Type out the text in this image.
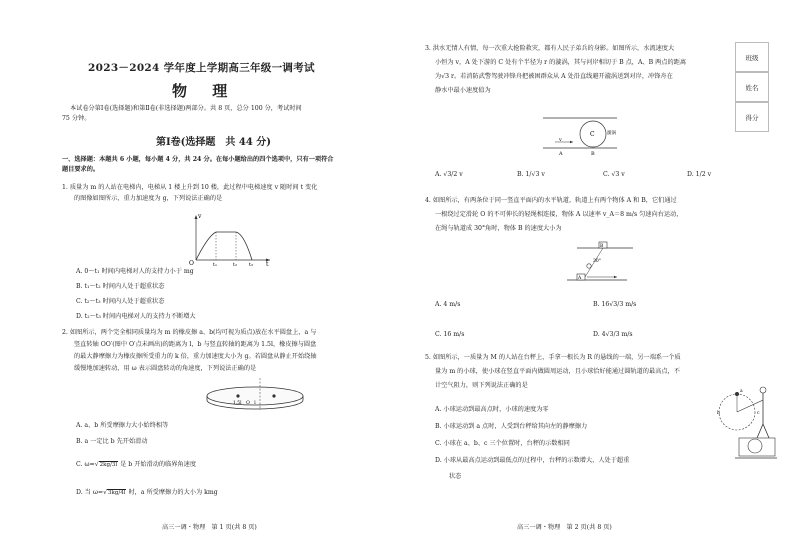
2023－2024 学年度上学期高三年级一调考试
物 理
本试卷分第Ⅰ卷(选择题)和第Ⅱ卷(非选择题)两部分。共 8 页，总分 100 分，考试时间
75 分钟。
第Ⅰ卷(选择题　共 44 分)
一、选择题：本题共 6 小题，每小题 4 分，共 24 分。在每小题给出的四个选项中，只有一项符合
题目要求的。
1. 质量为 m 的人站在电梯内，电梯从 1 楼上升到 10 楼，此过程中电梯速度 v 随时间 t 变化
的图像如图所示，重力加速度为 g，下列说法正确的是
v
O	t₁	t₂ t₃ t
A. 0～t₁ 时间内电梯对人的支持力小于 mg
B. t₁～t₂ 时间内人处于超重状态
C. t₂～t₃ 时间内人处于超重状态
D. t₂～t₃ 时间内电梯对人的支持力不断增大
2. 如图所示，两个完全相同质量均为 m 的橡皮擦 a、b(均可视为质点)放在水平圆盘上，a 与
竖直转轴 OO′(图中 O′点未画出)的距离为 l，b 与竖直转轴的距离为 1.5l，橡皮擦与圆盘
的最大静摩擦力为橡皮擦所受重力的 k 倍，重力加速度大小为 g。若圆盘从静止开始绕轴
缓慢地加速转动，用 ω 表示圆盘转动的角速度，下列说法正确的是
1.5l　O　l
A. a、b 所受摩擦力大小始终相等
B. a 一定比 b 先开始滑动
C. ω=√2kg/3l 是 b 开始滑动的临界角速度
D. 当 ω=√3kg/4l 时，a 所受摩擦力的大小为 kmg
高三一调・物理　第 1 页(共 8 页)
3. 洪水无情人有情，每一次重大抢险救灾，都有人民子弟兵的身影。如图所示，水流速度大
小恒为 v，A 处下游的 C 处有个半径为 r 的漩涡，其与河岸相切于 B 点，A、B 两点的距离
为√3 r。若消防武警驾驶冲锋舟把被困群众从 A 处沿直线避开漩涡送到对岸，冲锋舟在
静水中最小速度值为
C
v
A	B
漩涡
A. √3/2 v	B. 1/√3 v	C. √3 v	D. 1/2 v
4. 如图所示，有两条位于同一竖直平面内的水平轨道，轨道上有两个物体 A 和 B，它们通过
一根绕过定滑轮 O 的不可伸长的轻绳相连接，物体 A 以速率 v_A＝8 m/s 匀速向右运动，
在绳与轨道成 30°角时，物体 B 的速度大小为
A
B
30°
A. 4 m/s	B. 16√3/3 m/s
C. 16 m/s	D. 4√3/3 m/s
5. 如图所示，一质量为 M 的人站在台秤上，手拿一根长为 R 的悬线的一端，另一端系一个质
量为 m 的小球，使小球在竖直平面内做圆周运动，且小球恰好能通过圆轨道的最高点，不
计空气阻力，则下列说法正确的是
a
b	c
A. 小球运动到最高点时，小球的速度为零
B. 小球运动到 a 点时，人受到台秤给其向左的静摩擦力
C. 小球在 a、b、c 三个位置时，台秤的示数相同
D. 小球从最高点运动到最低点的过程中，台秤的示数增大，人处于超重
状态
高三一调・物理　第 2 页(共 8 页)
班级
姓名
得分
